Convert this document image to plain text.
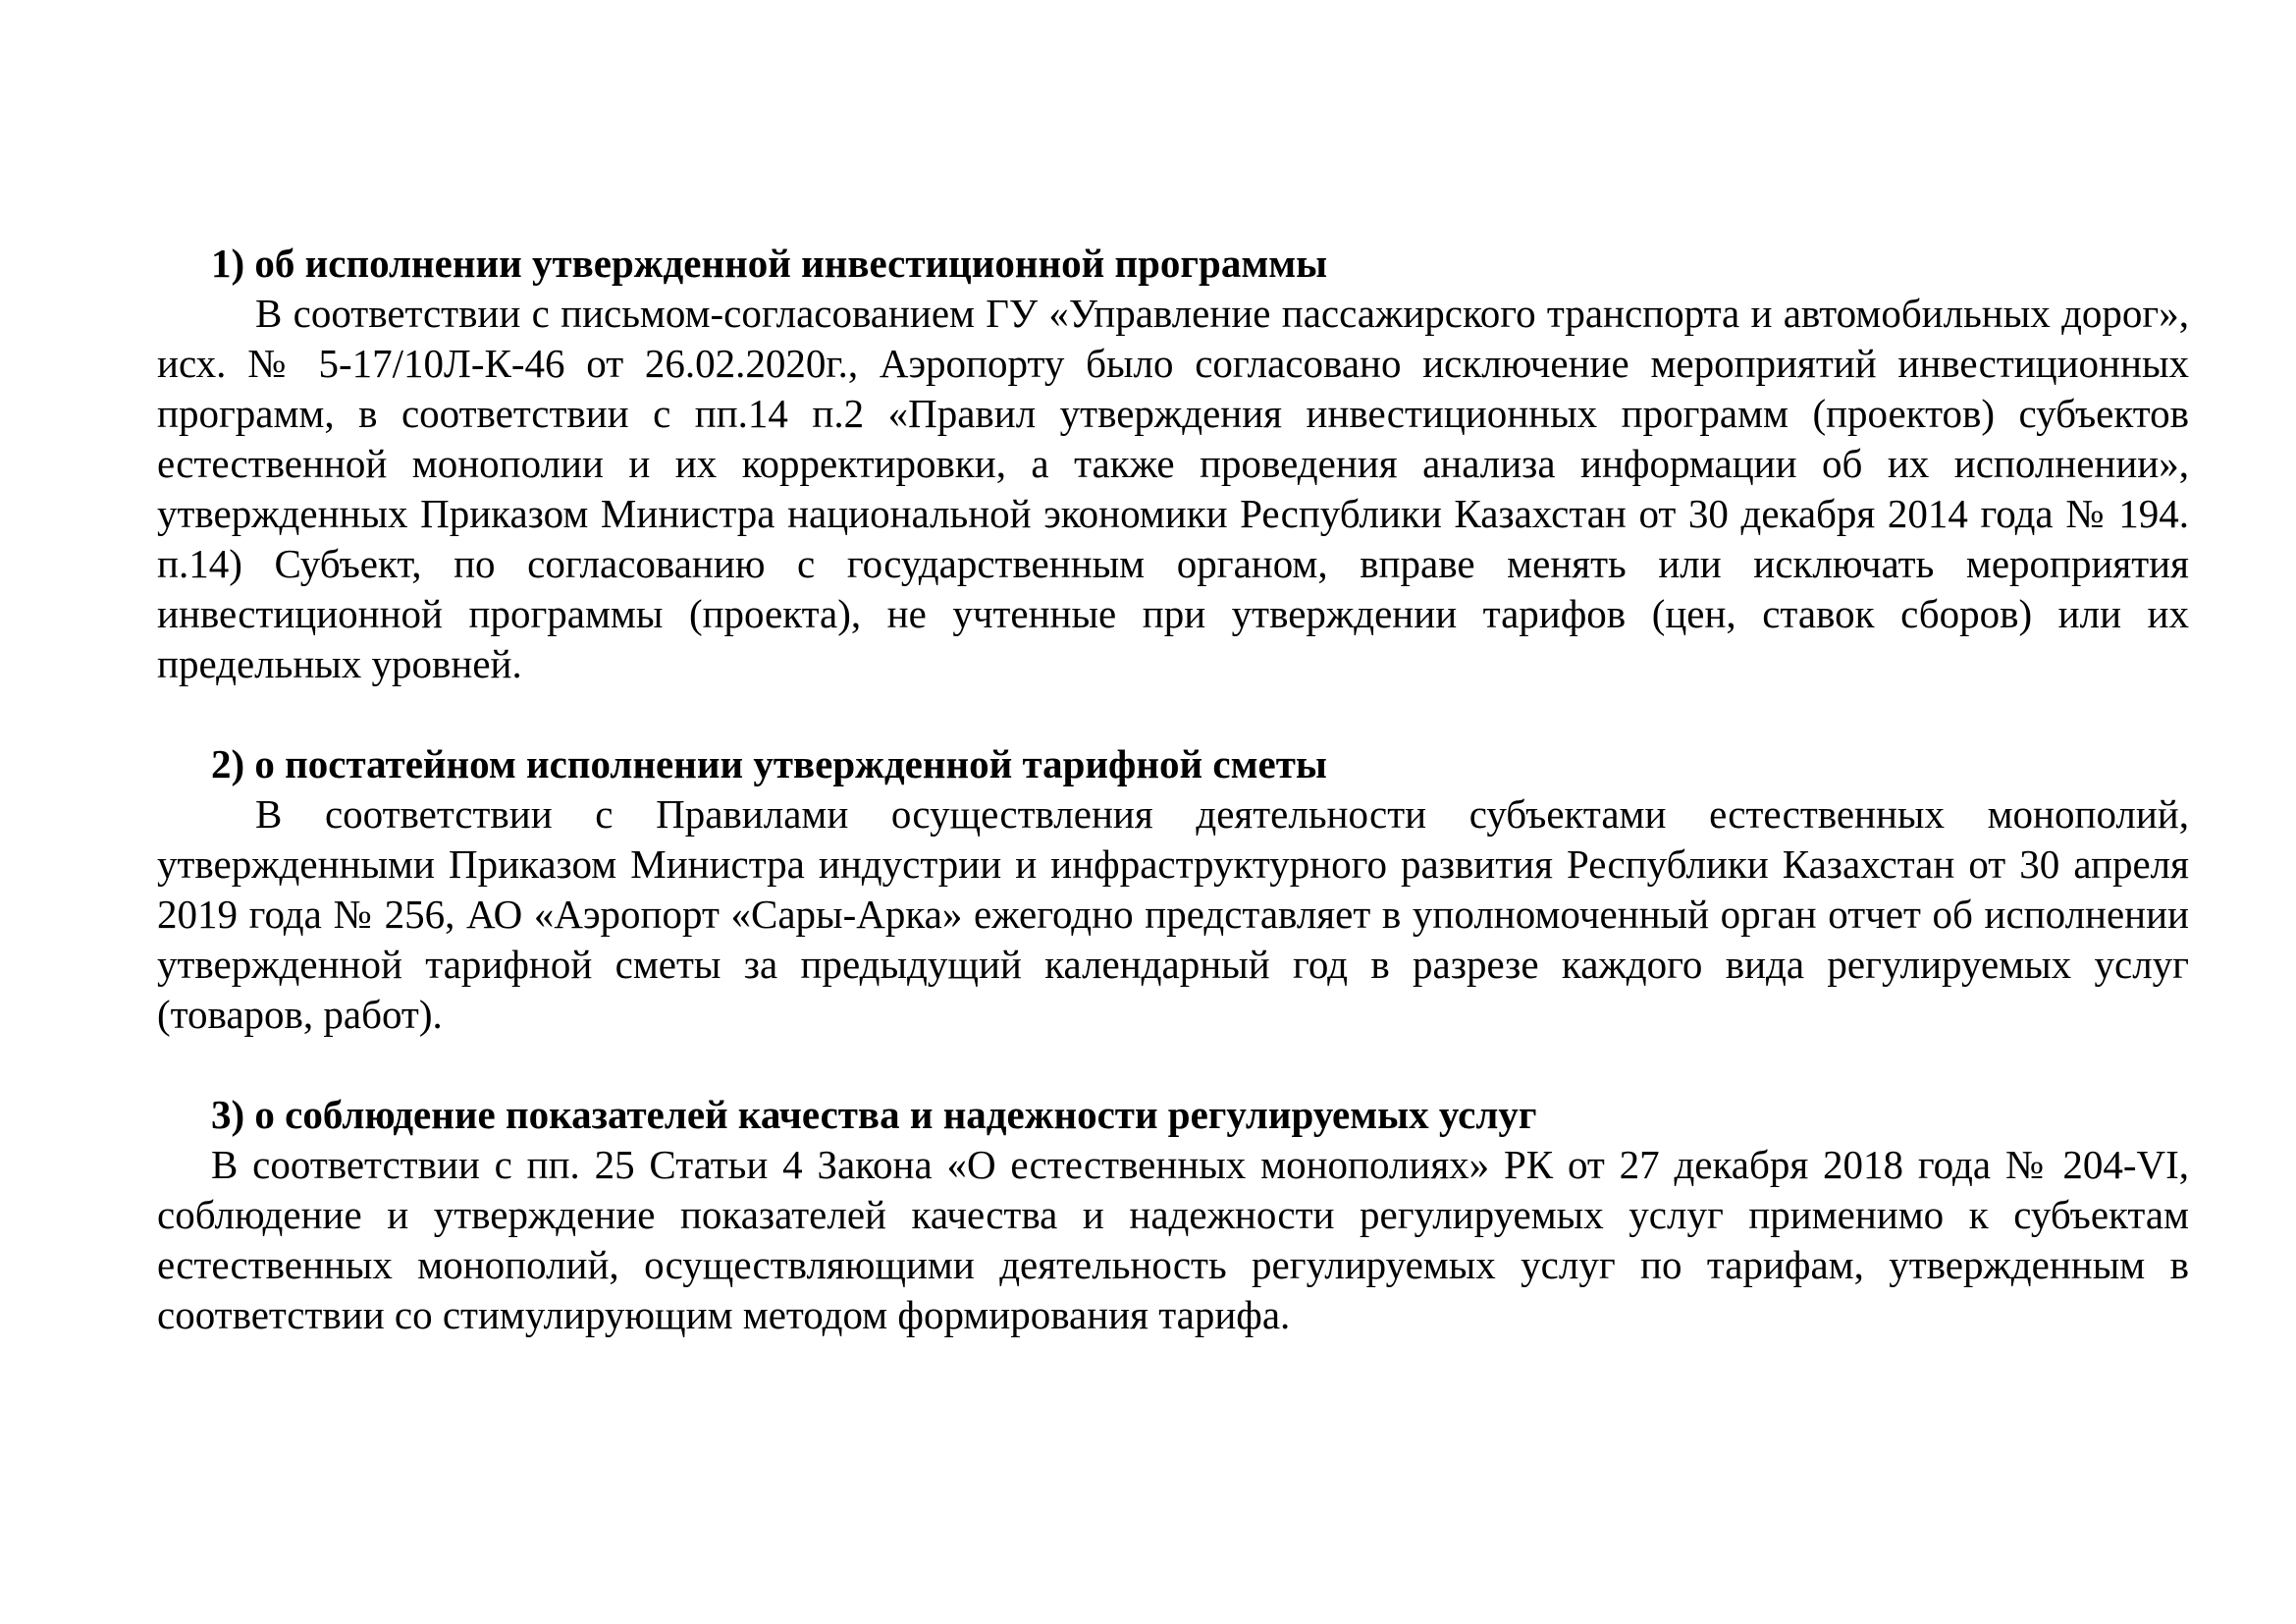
1) об исполнении утвержденной инвестиционной программы

В соответствии с письмом-согласованием ГУ «Управление пассажирского транспорта и автомобильных дорог», исх. № 5-17/10Л-К-46 от 26.02.2020г., Аэропорту было согласовано исключение мероприятий инвестиционных программ, в соответствии с пп.14 п.2 «Правил утверждения инвестиционных программ (проектов) субъектов естественной монополии и их корректировки, а также проведения анализа информации об их исполнении», утвержденных Приказом Министра национальной экономики Республики Казахстан от 30 декабря 2014 года № 194. п.14) Субъект, по согласованию с государственным органом, вправе менять или исключать мероприятия инвестиционной программы (проекта), не учтенные при утверждении тарифов (цен, ставок сборов) или их предельных уровней.

2) о постатейном исполнении утвержденной тарифной сметы

В соответствии с Правилами осуществления деятельности субъектами естественных монополий, утвержденными Приказом Министра индустрии и инфраструктурного развития Республики Казахстан от 30 апреля 2019 года № 256, АО «Аэропорт «Сары-Арка» ежегодно представляет в уполномоченный орган отчет об исполнении утвержденной тарифной сметы за предыдущий календарный год в разрезе каждого вида регулируемых услуг (товаров, работ).

3) о соблюдение показателей качества и надежности регулируемых услуг

В соответствии с пп. 25 Статьи 4 Закона «О естественных монополиях» РК от 27 декабря 2018 года № 204-VI, соблюдение и утверждение показателей качества и надежности регулируемых услуг применимо к субъектам естественных монополий, осуществляющими деятельность регулируемых услуг по тарифам, утвержденным в соответствии со стимулирующим методом формирования тарифа.
